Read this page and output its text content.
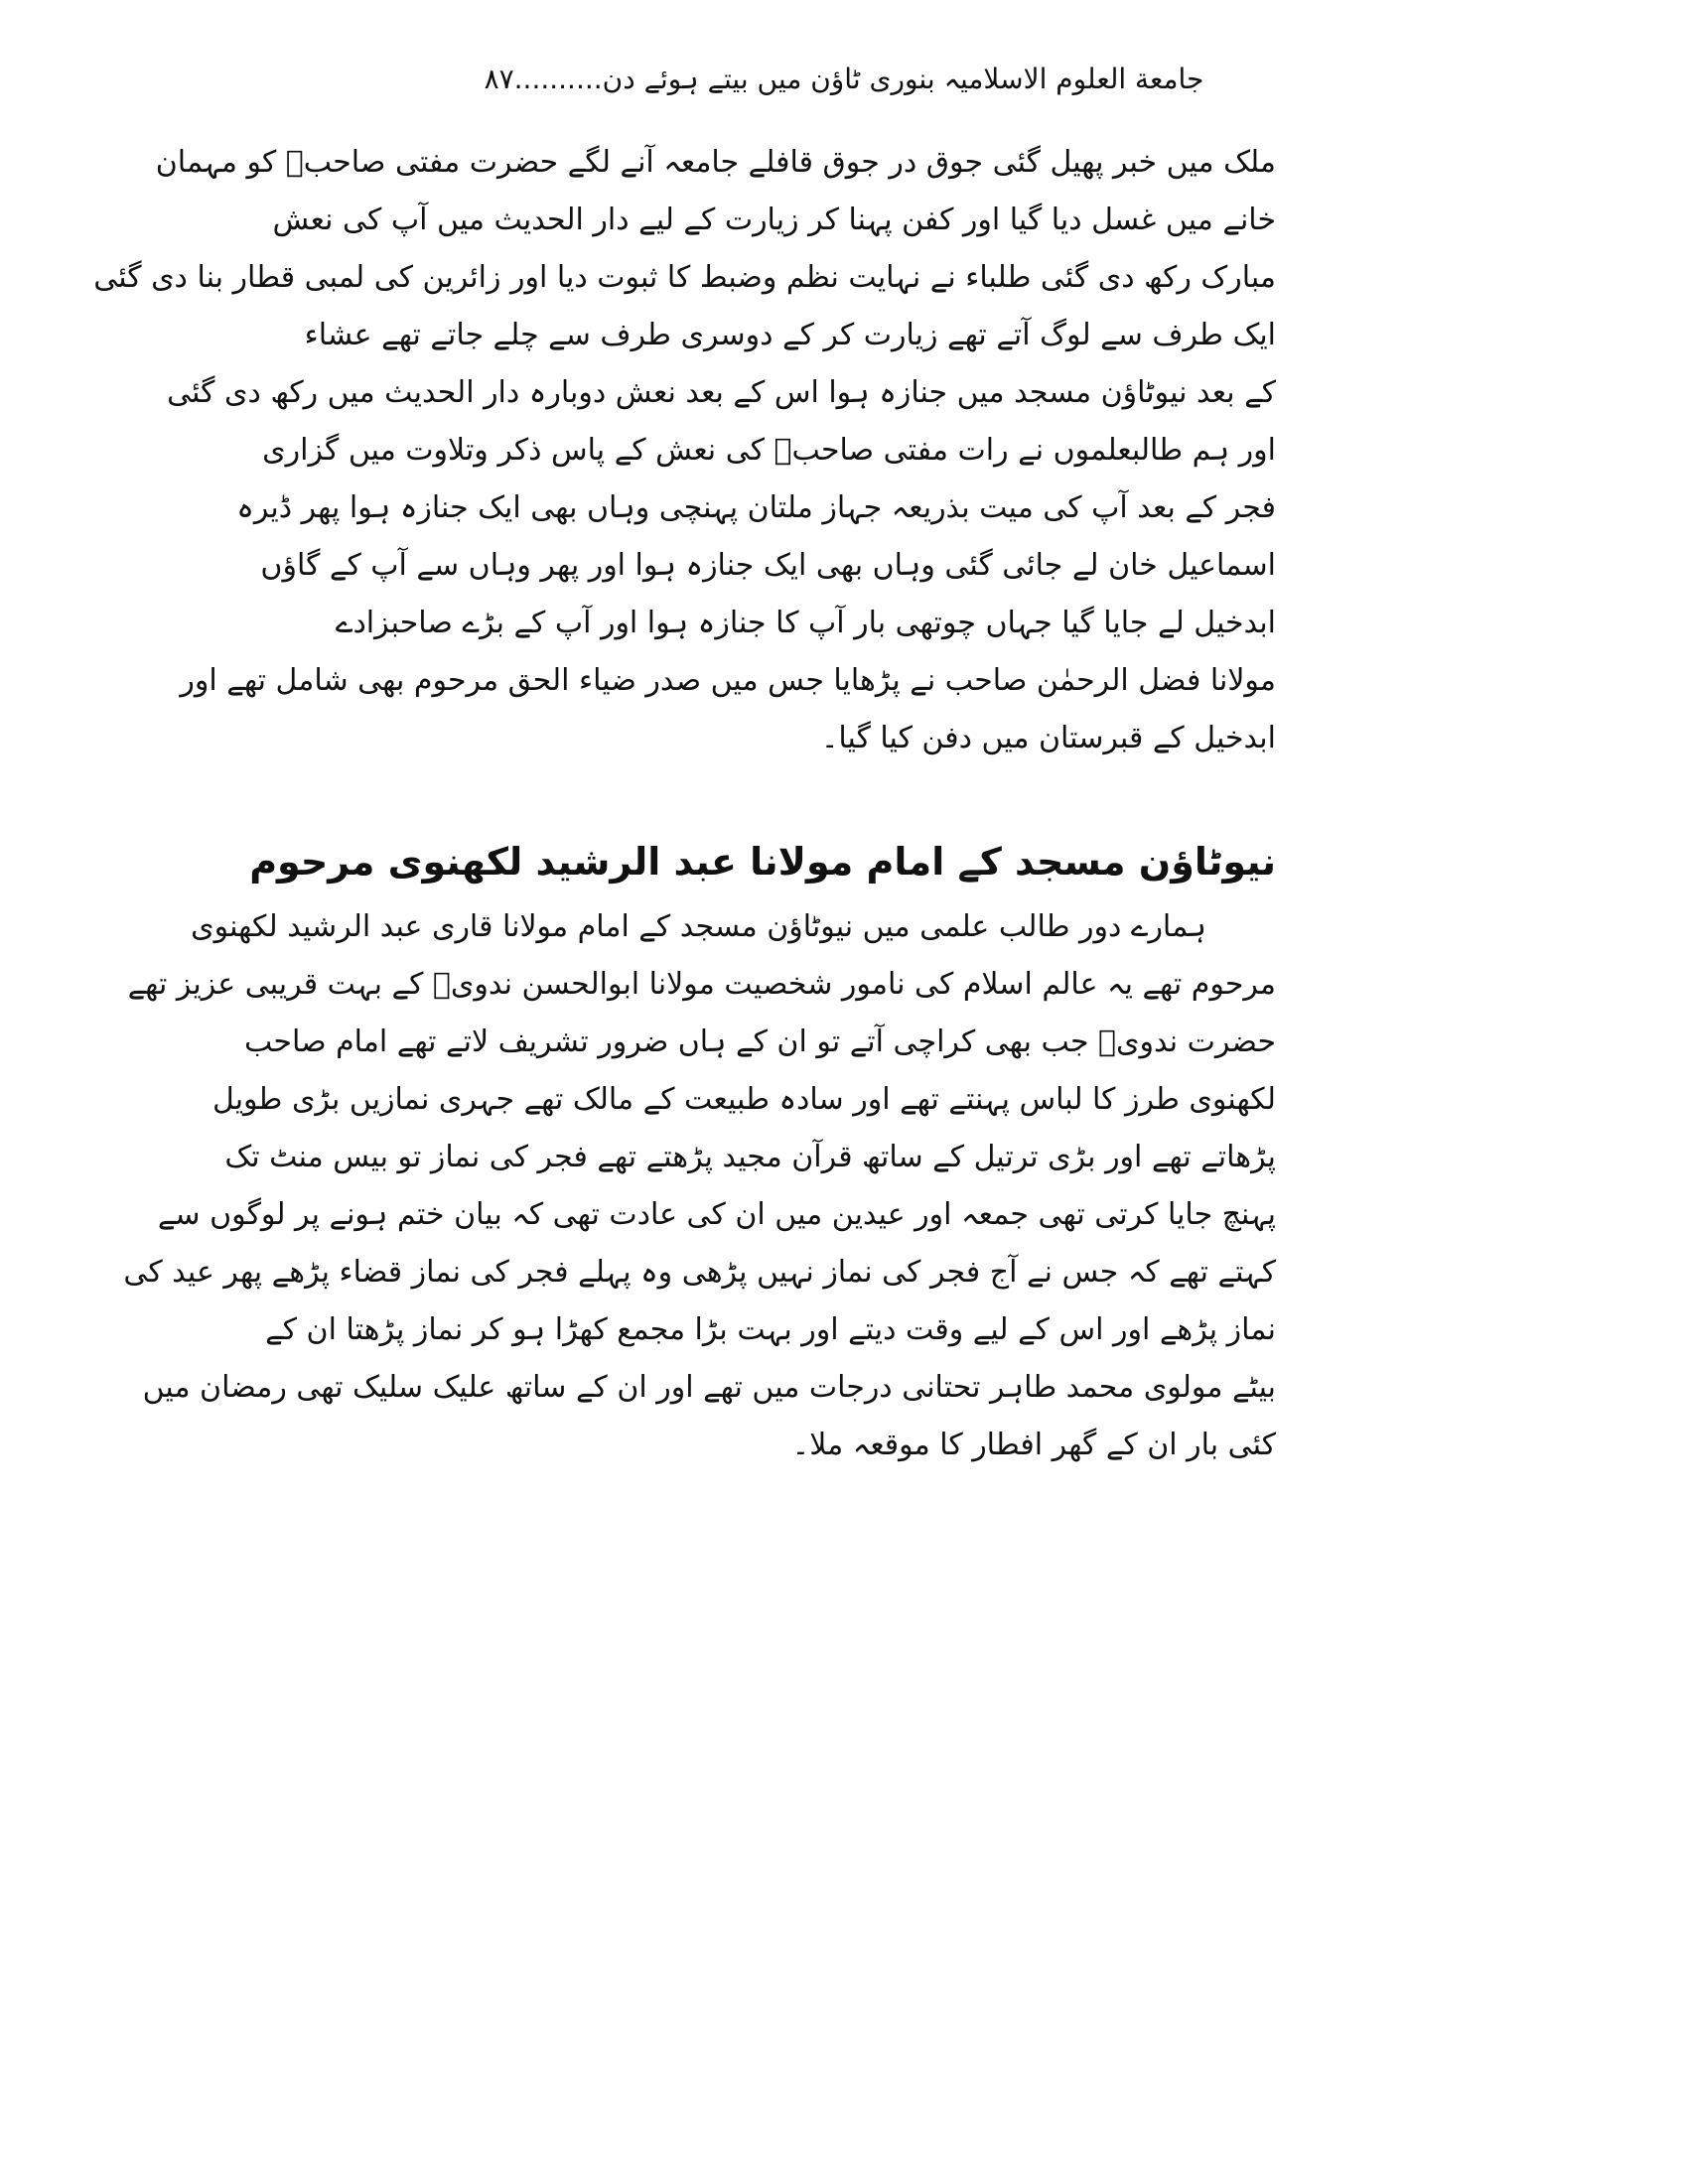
جامعة العلوم الاسلامیہ بنوری ٹاؤن میں بیتے ہوئے دن..........۸۷
ملک میں خبر پھیل گئی جوق در جوق قافلے جامعہ آنے لگے حضرت مفتی صاحبؒ کو مہمان
خانے میں غسل دیا گیا اور کفن پہنا کر زیارت کے لیے دار الحدیث میں آپ کی نعش
مبارک رکھ دی گئی طلباء نے نہایت نظم وضبط کا ثبوت دیا اور زائرین کی لمبی قطار بنا دی گئی
ایک طرف سے لوگ آتے تھے زیارت کر کے دوسری طرف سے چلے جاتے تھے عشاء
کے بعد نیوٹاؤن مسجد میں جنازہ ہوا اس کے بعد نعش دوبارہ دار الحدیث میں رکھ دی گئی
اور ہم طالبعلموں نے رات مفتی صاحبؒ کی نعش کے پاس ذکر وتلاوت میں گزاری
فجر کے بعد آپ کی میت بذریعہ جہاز ملتان پہنچی وہاں بھی ایک جنازہ ہوا پھر ڈیرہ
اسماعیل خان لے جائی گئی وہاں بھی ایک جنازہ ہوا اور پھر وہاں سے آپ کے گاؤں
ابدخیل لے جایا گیا جہاں چوتھی بار آپ کا جنازہ ہوا اور آپ کے بڑے صاحبزادے
مولانا فضل الرحمٰن صاحب نے پڑھایا جس میں صدر ضیاء الحق مرحوم بھی شامل تھے اور
ابدخیل کے قبرستان میں دفن کیا گیا۔
نیوٹاؤن مسجد کے امام مولانا عبد الرشید لکھنوی مرحوم
ہمارے دور طالب علمی میں نیوٹاؤن مسجد کے امام مولانا قاری عبد الرشید لکھنوی
مرحوم تھے یہ عالم اسلام کی نامور شخصیت مولانا ابوالحسن ندویؒ کے بہت قریبی عزیز تھے
حضرت ندویؒ جب بھی کراچی آتے تو ان کے ہاں ضرور تشریف لاتے تھے امام صاحب
لکھنوی طرز کا لباس پہنتے تھے اور سادہ طبیعت کے مالک تھے جہری نمازیں بڑی طویل
پڑھاتے تھے اور بڑی ترتیل کے ساتھ قرآن مجید پڑھتے تھے فجر کی نماز تو بیس منٹ تک
پہنچ جایا کرتی تھی جمعہ اور عیدین میں ان کی عادت تھی کہ بیان ختم ہونے پر لوگوں سے
کہتے تھے کہ جس نے آج فجر کی نماز نہیں پڑھی وہ پہلے فجر کی نماز قضاء پڑھے پھر عید کی
نماز پڑھے اور اس کے لیے وقت دیتے اور بہت بڑا مجمع کھڑا ہو کر نماز پڑھتا ان کے
بیٹے مولوی محمد طاہر تحتانی درجات میں تھے اور ان کے ساتھ علیک سلیک تھی رمضان میں
کئی بار ان کے گھر افطار کا موقعہ ملا۔
